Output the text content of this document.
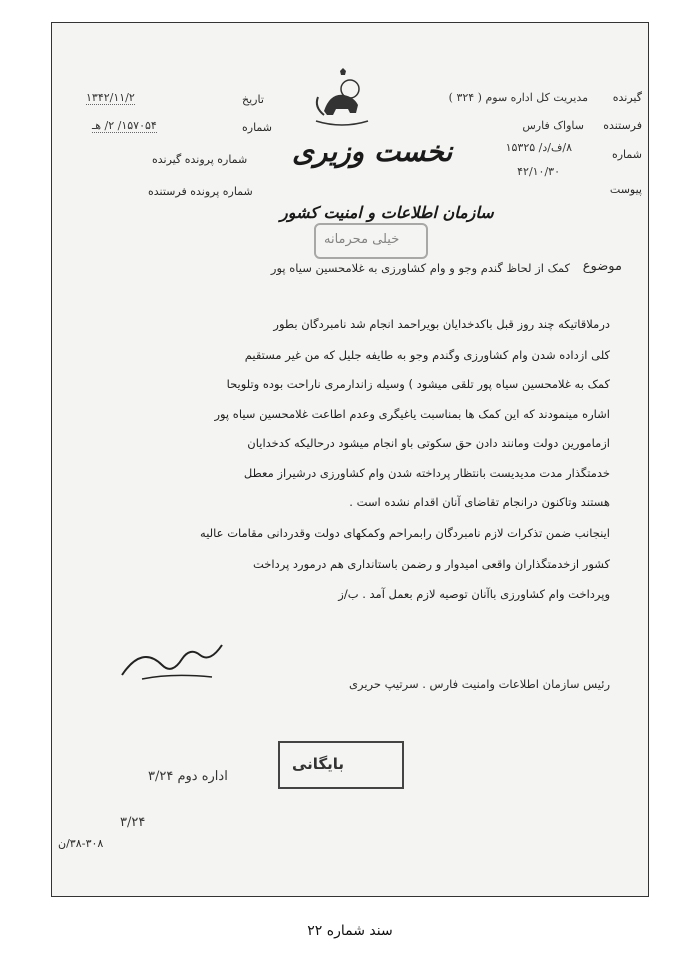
گیرنده
مدیریت کل اداره سوم ( ۳۲۴ )
فرستنده
ساواک فارس
شماره
۸/ف/د/ ۱۵۳۲۵
۴۲/۱۰/۳۰
پیوست
تاریخ
۱۳۴۲/۱۱/۲
شماره
۱۵۷۰۵۴/ ۲/ هـ
شماره پرونده گیرنده
شماره پرونده فرستنده
نخست وزیری
سازمان اطلاعات و امنیت کشور
خیلی محرمانه
موضوع
کمک از لحاظ گندم وجو و وام کشاورزی به غلامحسین سیاه پور
درملاقاتیکه چند روز قبل باکدخدایان بویراحمد انجام شد نامبردگان بطور
کلی ازداده شدن وام کشاورزی وگندم وجو به طایفه جلیل که من غیر مستقیم
کمک به غلامحسین سیاه پور تلقی میشود ) وسیله زاندارمری ناراحت بوده وتلویحا
اشاره مینمودند که این کمک ها بمناسبت یاغیگری وعدم اطاعت غلامحسین سیاه پور
ازمامورین دولت ومانند دادن حق سکوتی باو انجام میشود درحالیکه کدخدایان
خدمتگذار مدت مدیدیست بانتظار پرداخته شدن وام کشاورزی درشیراز معطل
هستند وتاکنون درانجام تقاضای آنان اقدام نشده است .
اینجانب ضمن تذکرات لازم نامبردگان رابمراحم وکمکهای دولت وقدردانی مقامات عالیه
کشور ازخدمتگذاران واقعی امیدوار و رضمن باستانداری هم درمورد پرداخت
وپرداخت وام کشاورزی باآنان توصیه لازم بعمل آمد . ب/ز
رئیس سازمان اطلاعات وامنیت فارس . سرتیپ حریری
بایگانی
اداره دوم ۳/۲۴
۳/۲۴
۳۸-۳۰۸/ن
سند شماره ۲۲
